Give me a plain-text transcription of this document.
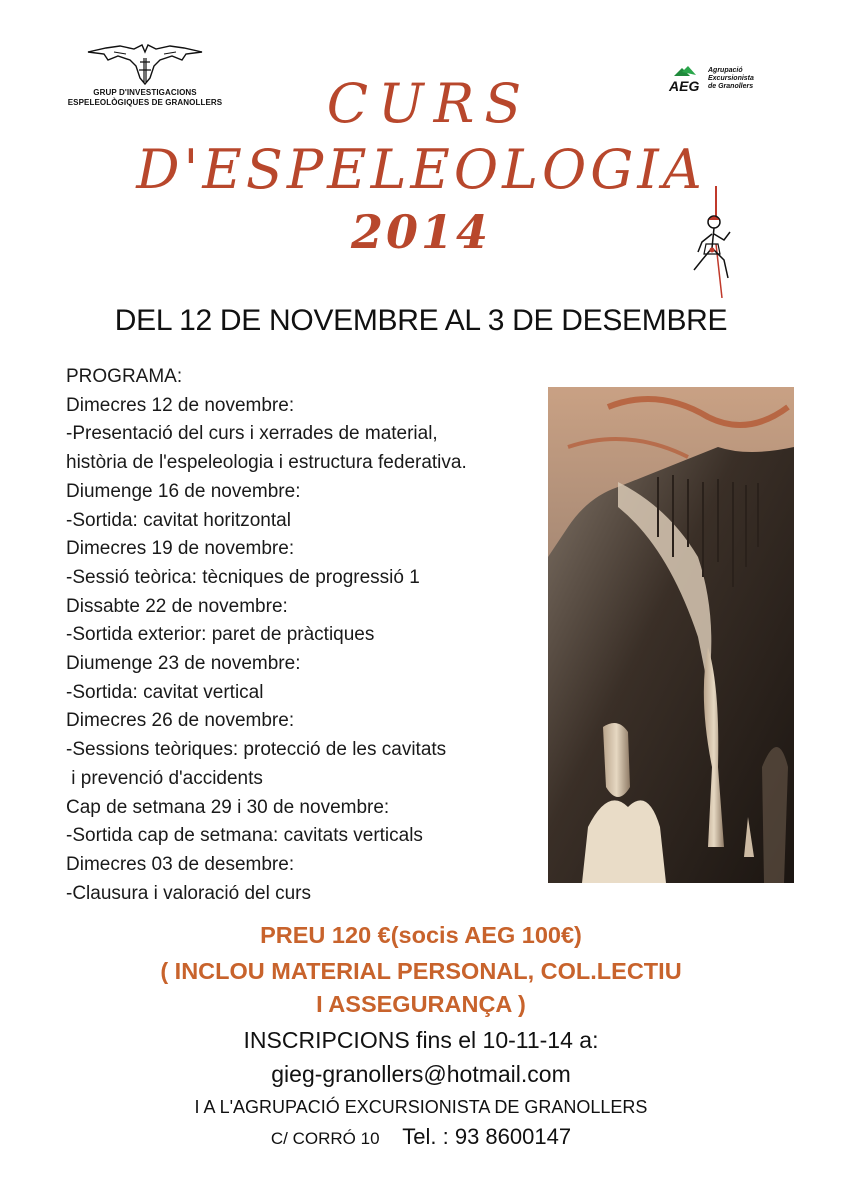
GRUP D'INVESTIGACIONS
ESPELEOLÒGIQUES DE GRANOLLERS
AEG
Agrupació
Excursionista
de Granollers
CURS
D'ESPELEOLOGIA
2014
DEL 12 DE NOVEMBRE AL 3 DE DESEMBRE
PROGRAMA:
Dimecres 12 de novembre:
-Presentació del curs i xerrades de material,
història de l'espeleologia i estructura federativa.
Diumenge 16 de novembre:
-Sortida: cavitat horitzontal
Dimecres 19 de novembre:
-Sessió teòrica: tècniques de progressió 1
Dissabte 22 de novembre:
-Sortida exterior: paret de pràctiques
Diumenge 23 de novembre:
-Sortida: cavitat vertical
Dimecres 26 de novembre:
-Sessions teòriques: protecció de les cavitats
i prevenció d'accidents
Cap de setmana 29 i 30 de novembre:
-Sortida cap de setmana: cavitats verticals
Dimecres 03 de desembre:
-Clausura i valoració del curs
PREU 120 €(socis AEG 100€)
( INCLOU MATERIAL PERSONAL, COL.LECTIU
I ASSEGURANÇA )
INSCRIPCIONS fins el 10-11-14 a:
gieg-granollers@hotmail.com
I A L'AGRUPACIÓ EXCURSIONISTA DE GRANOLLERS
C/ CORRÓ 10 Tel. : 93 8600147
